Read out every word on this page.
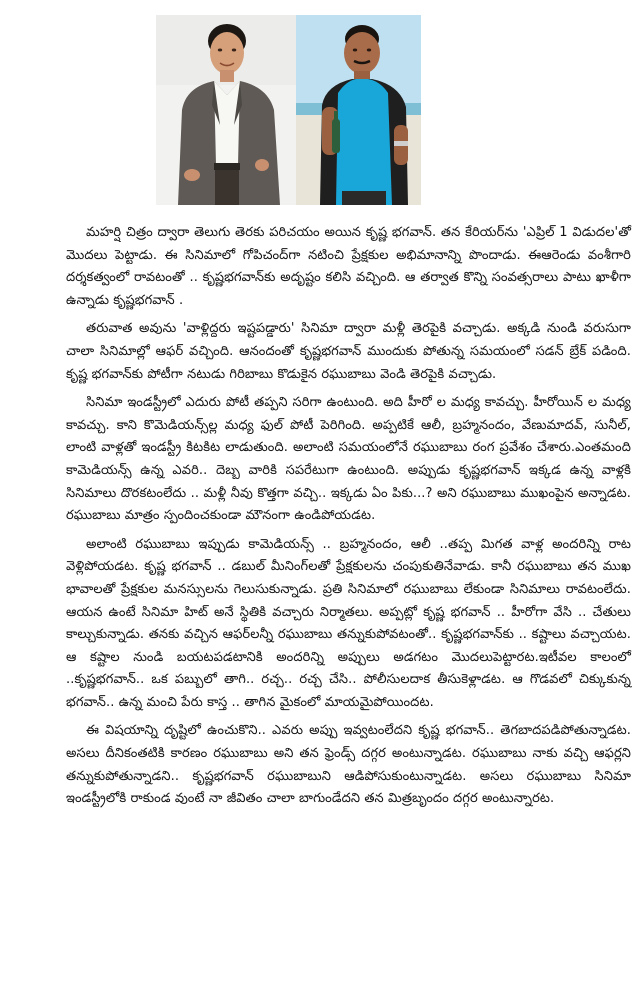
మహర్షి చిత్రం ద్వారా తెలుగు తెరకు పరిచయం అయిన కృష్ణ భగవాన్. తన కేరియర్‌ను 'ఎప్రిల్ 1 విడుదల'తో మొదలు పెట్టాడు. ఈ సినిమాలో గోపిచంద్‌గా నటించి ప్రేక్షకుల అభిమానాన్ని పొందాడు. ఈఆరెండు వంశీగారి దర్శకత్వంలో రావటంతో .. కృష్ణభగవాన్‌కు అదృష్టం కలిసి వచ్చింది. ఆ తర్వాత కొన్ని సంవత్సరాలు పాటు ఖాళీగా ఉన్నాడు కృష్ణభగవాన్ .

తరువాత అవును 'వాళ్లిద్దరు ఇష్టపడ్డారు' సినిమా ద్వారా మళ్లీ తెరపైకి వచ్చాడు. అక్కడి నుండి వరుసుగా చాలా సినిమాల్లో ఆఫర్ వచ్చింది. ఆనందంతో కృష్ణభగవాన్ ముందుకు పోతున్న సమయంలో సడన్ బ్రేక్ పడింది. కృష్ణ భగవాన్‌కు పోటీగా నటుడు గిరిబాబు కొడుకైన రఘుబాబు వెండి తెరపైకి వచ్చాడు.

సినిమా ఇండస్ట్రీలో ఎదురు పోటీ తప్పని సరిగా ఉంటుంది. అది హీరో ల మధ్య కావచ్చు. హీరోయిన్ ల మధ్య కావచ్చు. కాని కొమెడియన్స్‌ల్ల మధ్య ఫుల్ పోటీ పెరిగింది. అప్పటికే ఆలీ, బ్రహ్మనందం, వేణుమాదవ్, సునీల్, లాంటి వాళ్లతో ఇండస్ట్రీ కిటకిట లాడుతుంది. అలాంటి సమయంలోనే రఘుబాబు రంగ ప్రవేశం చేశారు.ఎంతమంది కామెడియన్స్ ఉన్న ఎవరి.. దెబ్బ వారికి సపరేటుగా ఉంటుంది. అప్పుడు కృష్ణభగవాన్ ఇక్కడ ఉన్న వాళ్లకి సినిమాలు దొరకటంలేదు .. మళ్లీ నీవు కొత్తగా వచ్చి.. ఇక్కడు ఏం పికు...? అని రఘుబాబు ముఖంపైన అన్నాడట. రఘుబాబు మాత్రం స్పందించకుండా మౌనంగా ఉండిపోయడట.

అలాంటి రఘుబాబు ఇప్పుడు కామెడియన్స్ .. బ్రహ్మనందం, ఆలీ ..తప్ప మిగత వాళ్ల అందరిన్ని రాట వెళ్లిపోయడట. కృష్ణ భగవాన్ .. డబుల్ మీనింగ్‌లతో ప్రేక్షకులను చంపుకుతినేవాడు. కానీ రఘుబాబు తన ముఖ భావాలతో ప్రేక్షకుల మనస్సులను గెలుసుకున్నాడు. ప్రతి సినిమాలో రఘుబాబు లేకుండా సినిమాలు రావటంలేదు. ఆయన ఉంటే సినిమా హిట్ అనే స్థితికి వచ్చారు నిర్మాతలు. అప్పట్లో కృష్ణ భగవాన్ .. హీరోగా వేసి .. చేతులు కాల్చుకున్నాడు. తనకు వచ్చిన ఆఫర్‌లన్నీ రఘుబాబు తన్నుకుపోవటంతో.. కృష్ణభగవాన్‌కు .. కష్టాలు వచ్చాయట. ఆ కష్టాల నుండి బయటపడటానికి అందరిన్ని అప్పులు అడగటం మొదలుపెట్టారట.ఇటీవల కాలంలో ..కృష్ణభగవాన్.. ఒక పబ్బులో తాగి.. రచ్చ.. రచ్చ చేసి.. పోలీసులదాక తీసుకెళ్లాడట. ఆ గొడవలో చిక్కుకున్న భగవాన్.. ఉన్న మంచి పేరు కాస్త .. తాగిన మైకంలో మాయమైపోయిందట.

ఈ విషయాన్ని దృష్టిలో ఉంచుకొని.. ఎవరు అప్పు ఇవ్వటంలేదని కృష్ణ భగవాన్.. తెగబాదపడిపోతున్నాడట. అసలు దీనికంతటికి కారణం రఘుబాబు అని తన ఫ్రెండ్స్ దగ్గర అంటున్నాడట. రఘుబాబు నాకు వచ్చి ఆఫర్లని తన్నుకుపోతున్నాడని.. కృష్ణభగవాన్ రఘుబాబుని ఆడిపోసుకుంటున్నాడట. అసలు రఘుబాబు సినిమా ఇండస్ట్రీలోకి రాకుండ వుంటే నా జీవితం చాలా బాగుండేదని తన మిత్రబృందం దగ్గర అంటున్నారట.
